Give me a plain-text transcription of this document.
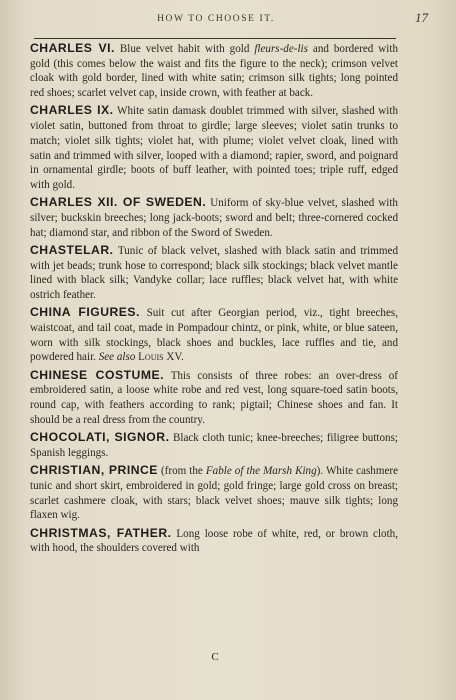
HOW TO CHOOSE IT.	17

CHARLES VI. Blue velvet habit with gold fleurs-de-lis and bordered with gold (this comes below the waist and fits the figure to the neck); crimson velvet cloak with gold border, lined with white satin; crimson silk tights; long pointed red shoes; scarlet velvet cap, inside crown, with feather at back.

CHARLES IX. White satin damask doublet trimmed with silver, slashed with violet satin, buttoned from throat to girdle; large sleeves; violet satin trunks to match; violet silk tights; violet hat, with plume; violet velvet cloak, lined with satin and trimmed with silver, looped with a diamond; rapier, sword, and poignard in ornamental girdle; boots of buff leather, with pointed toes; triple ruff, edged with gold.

CHARLES XII. OF SWEDEN. Uniform of sky-blue velvet, slashed with silver; buckskin breeches; long jack-boots; sword and belt; three-cornered cocked hat; diamond star, and ribbon of the Sword of Sweden.

CHASTELAR. Tunic of black velvet, slashed with black satin and trimmed with jet beads; trunk hose to correspond; black silk stockings; black velvet mantle lined with black silk; Vandyke collar; lace ruffles; black velvet hat, with white ostrich feather.

CHINA FIGURES. Suit cut after Georgian period, viz., tight breeches, waistcoat, and tail coat, made in Pompadour chintz, or pink, white, or blue sateen, worn with silk stockings, black shoes and buckles, lace ruffles and tie, and powdered hair. See also Louis XV.

CHINESE COSTUME. This consists of three robes: an over-dress of embroidered satin, a loose white robe and red vest, long square-toed satin boots, round cap, with feathers according to rank; pigtail; Chinese shoes and fan. It should be a real dress from the country.

CHOCOLATI, SIGNOR. Black cloth tunic; knee-breeches; filigree buttons; Spanish leggings.

CHRISTIAN, PRINCE (from the Fable of the Marsh King). White cashmere tunic and short skirt, embroidered in gold; gold fringe; large gold cross on breast; scarlet cashmere cloak, with stars; black velvet shoes; mauve silk tights; long flaxen wig.

CHRISTMAS, FATHER. Long loose robe of white, red, or brown cloth, with hood, the shoulders covered with

C
